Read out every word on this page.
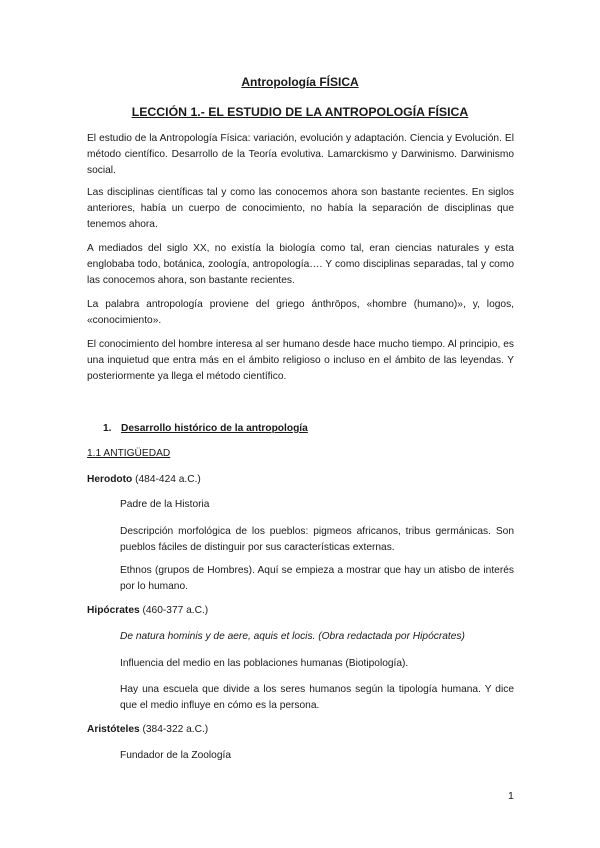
Antropología FÍSICA
LECCIÓN 1.- EL ESTUDIO DE LA ANTROPOLOGÍA FÍSICA

El estudio de la Antropología Física: variación, evolución y adaptación. Ciencia y Evolución. El método científico. Desarrollo de la Teoría evolutiva. Lamarckismo y Darwinismo. Darwinismo social.

Las disciplinas científicas tal y como las conocemos ahora son bastante recientes. En siglos anteriores, había un cuerpo de conocimiento, no había la separación de disciplinas que tenemos ahora.

A mediados del siglo XX, no existía la biología como tal, eran ciencias naturales y esta englobaba todo, botánica, zoología, antropología…. Y como disciplinas separadas, tal y como las conocemos ahora, son bastante recientes.

La palabra antropología proviene del griego ánthrōpos, «hombre (humano)», y, logos, «conocimiento».

El conocimiento del hombre interesa al ser humano desde hace mucho tiempo. Al principio, es una inquietud que entra más en el ámbito religioso o incluso en el ámbito de las leyendas. Y posteriormente ya llega el método científico.

1. Desarrollo histórico de la antropología
1.1 ANTIGÜEDAD
Herodoto (484-424 a.C.)

Padre de la Historia

Descripción morfológica de los pueblos: pigmeos africanos, tribus germánicas. Son pueblos fáciles de distinguir por sus características externas.

Ethnos (grupos de Hombres). Aquí se empieza a mostrar que hay un atisbo de interés por lo humano.

Hipócrates (460-377 a.C.)

De natura hominis y de aere, aquis et locis. (Obra redactada por Hipócrates)

Influencia del medio en las poblaciones humanas (Biotipología).

Hay una escuela que divide a los seres humanos según la tipología humana. Y dice que el medio influye en cómo es la persona.

Aristóteles (384-322 a.C.)

Fundador de la Zoología

1
